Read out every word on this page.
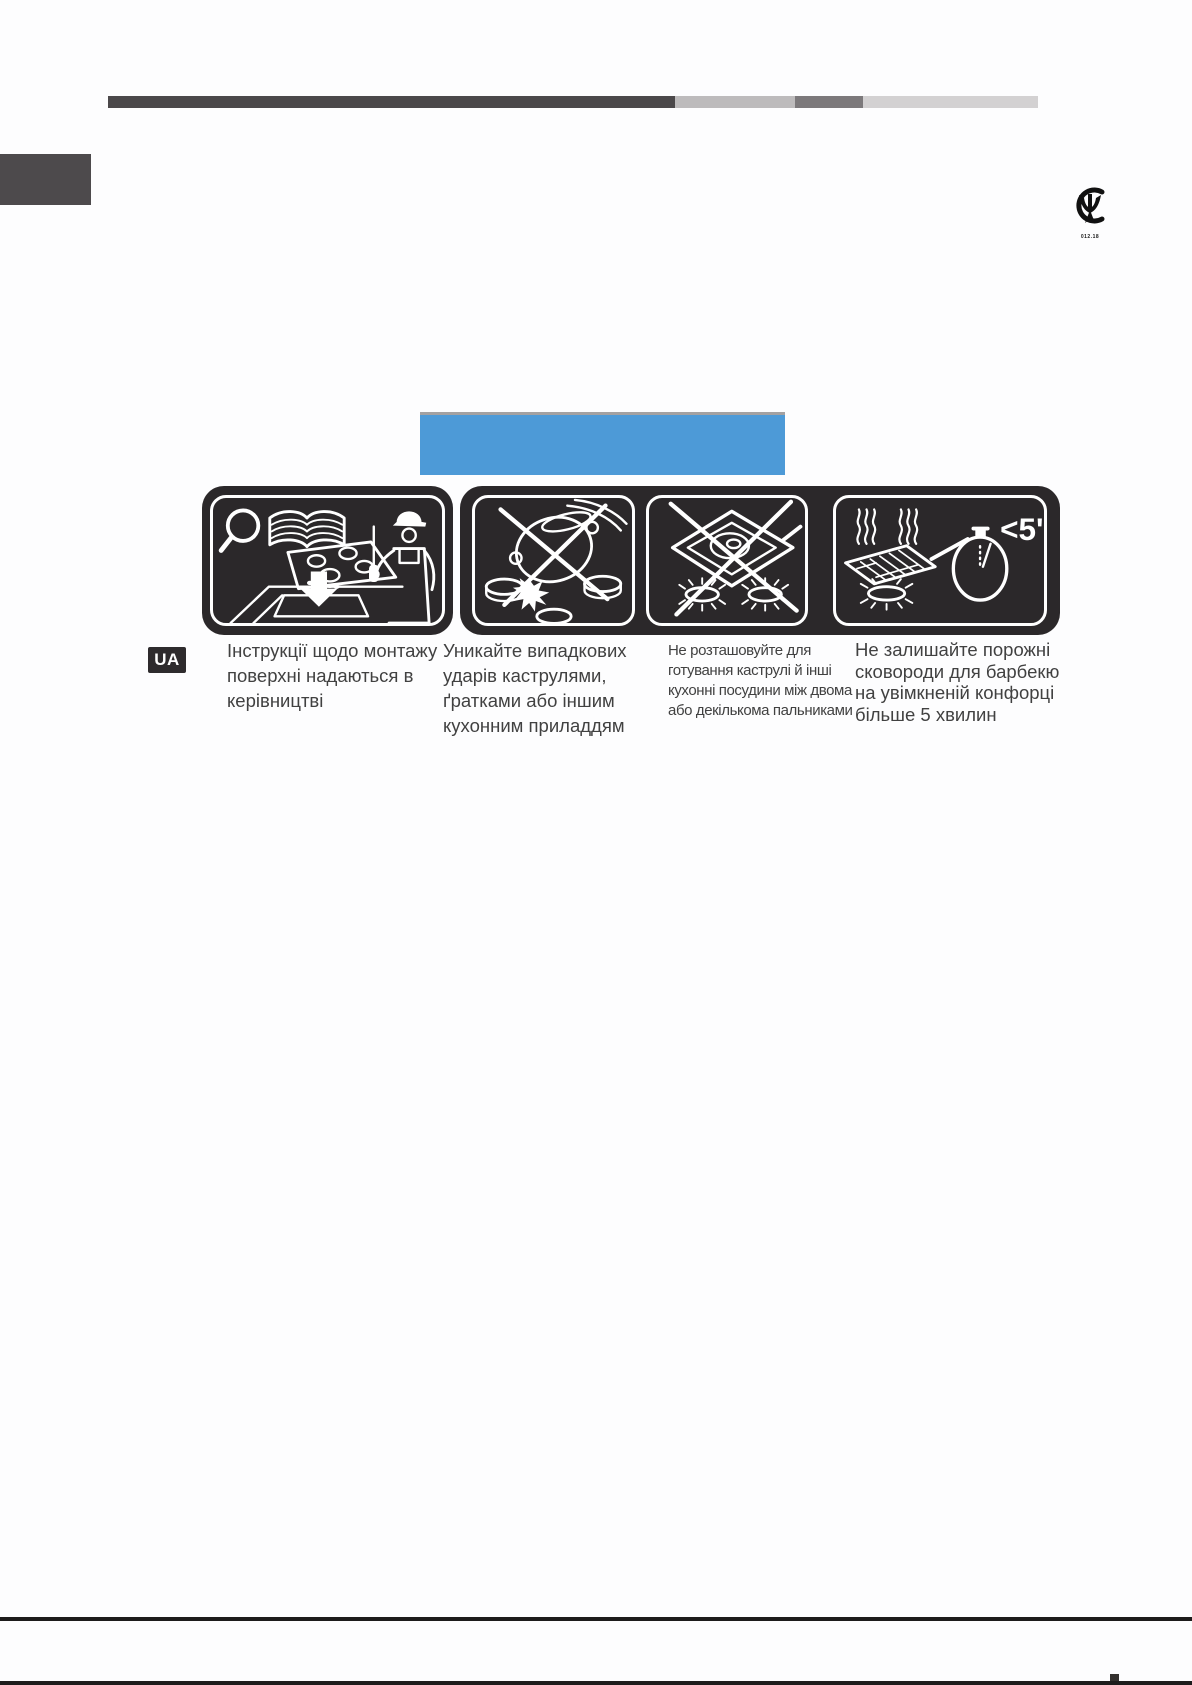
012.18
<5'
UA	Інструкції щодо монтажу
поверхні надаються в
керівництві
Уникайте випадкових
ударів каструлями,
ґратками або іншим
кухонним приладдям
Не розташовуйте для
готування каструлі й інші
кухонні посудини між двома
або декількома пальниками
Не залишайте порожні
сковороди для барбекю
на увімкненій конфорці
більше 5 хвилин
